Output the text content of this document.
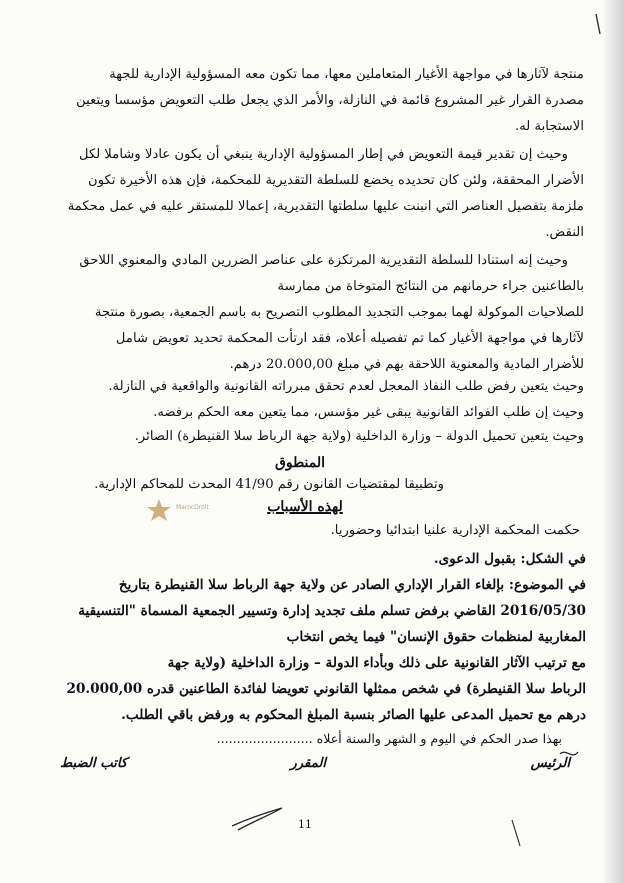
منتجة لآثارها في مواجهة الأغيار المتعاملين معها، مما تكون معه المسؤولية الإدارية للجهة

مصدرة القرار غير المشروع قائمة في النازلة، والأمر الذي يجعل طلب التعويض مؤسسا ويتعين

الاستجابة له.

وحيث إن تقدير قيمة التعويض في إطار المسؤولية الإدارية ينبغي أن يكون عادلا وشاملا لكل

الأضرار المحققة، ولئن كان تحديده يخضع للسلطة التقديرية للمحكمة، فإن هذه الأخيرة تكون

ملزمة بتفصيل العناصر التي انبنت عليها سلطتها التقديرية، إعمالا للمستقر عليه في عمل محكمة

النقض.

وحيث إنه استنادا للسلطة التقديرية المرتكزة على عناصر الضررين المادي والمعنوي اللاحق

بالطاعنين جراء حرمانهم من النتائج المتوخاة من ممارسة

للصلاحيات الموكولة لهما بموجب التجديد المطلوب التصريح به باسم الجمعية، بصورة منتجة

لآثارها في مواجهة الأغيار كما تم تفصيله أعلاه، فقد ارتأت المحكمة تحديد تعويض شامل

للأضرار المادية والمعنوية اللاحقة بهم في مبلغ 20.000,00 درهم.

وحيث يتعين رفض طلب النفاذ المعجل لعدم تحقق مبرراته القانونية والواقعية في النازلة.
وحيث إن طلب الفوائد القانونية يبقى غير مؤسس، مما يتعين معه الحكم برفضه.
وحيث يتعين تحميل الدولة – وزارة الداخلية (ولاية جهة الرباط سلا القنيطرة) الصائر.
المنطوق
وتطبيقا لمقتضيات القانون رقم 41/90 المحدث للمحاكم الإدارية.
لهذه الأسباب
MarocDroit
حكمت المحكمة الإدارية علنيا ابتدائيا وحضوريا.

في الشكل: بقبول الدعوى.

في الموضوع: بإلغاء القرار الإداري الصادر عن ولاية جهة الرباط سلا القنيطرة بتاريخ

2016/05/30 القاضي برفض تسلم ملف تجديد إدارة وتسيير الجمعية المسماة "التنسيقية

المغاربية لمنظمات حقوق الإنسان" فيما يخص انتخاب

مع ترتيب الآثار القانونية على ذلك وبأداء الدولة – وزارة الداخلية (ولاية جهة

الرباط سلا القنيطرة) في شخص ممثلها القانوني تعويضا لفائدة الطاعنين قدره 20.000,00

درهم مع تحميل المدعى عليها الصائر بنسبة المبلغ المحكوم به ورفض باقي الطلب.

بهذا صدر الحكم في اليوم و الشهر والسنة أعلاه ........................
الرئيس
المقرر
كاتب الضبط
11
